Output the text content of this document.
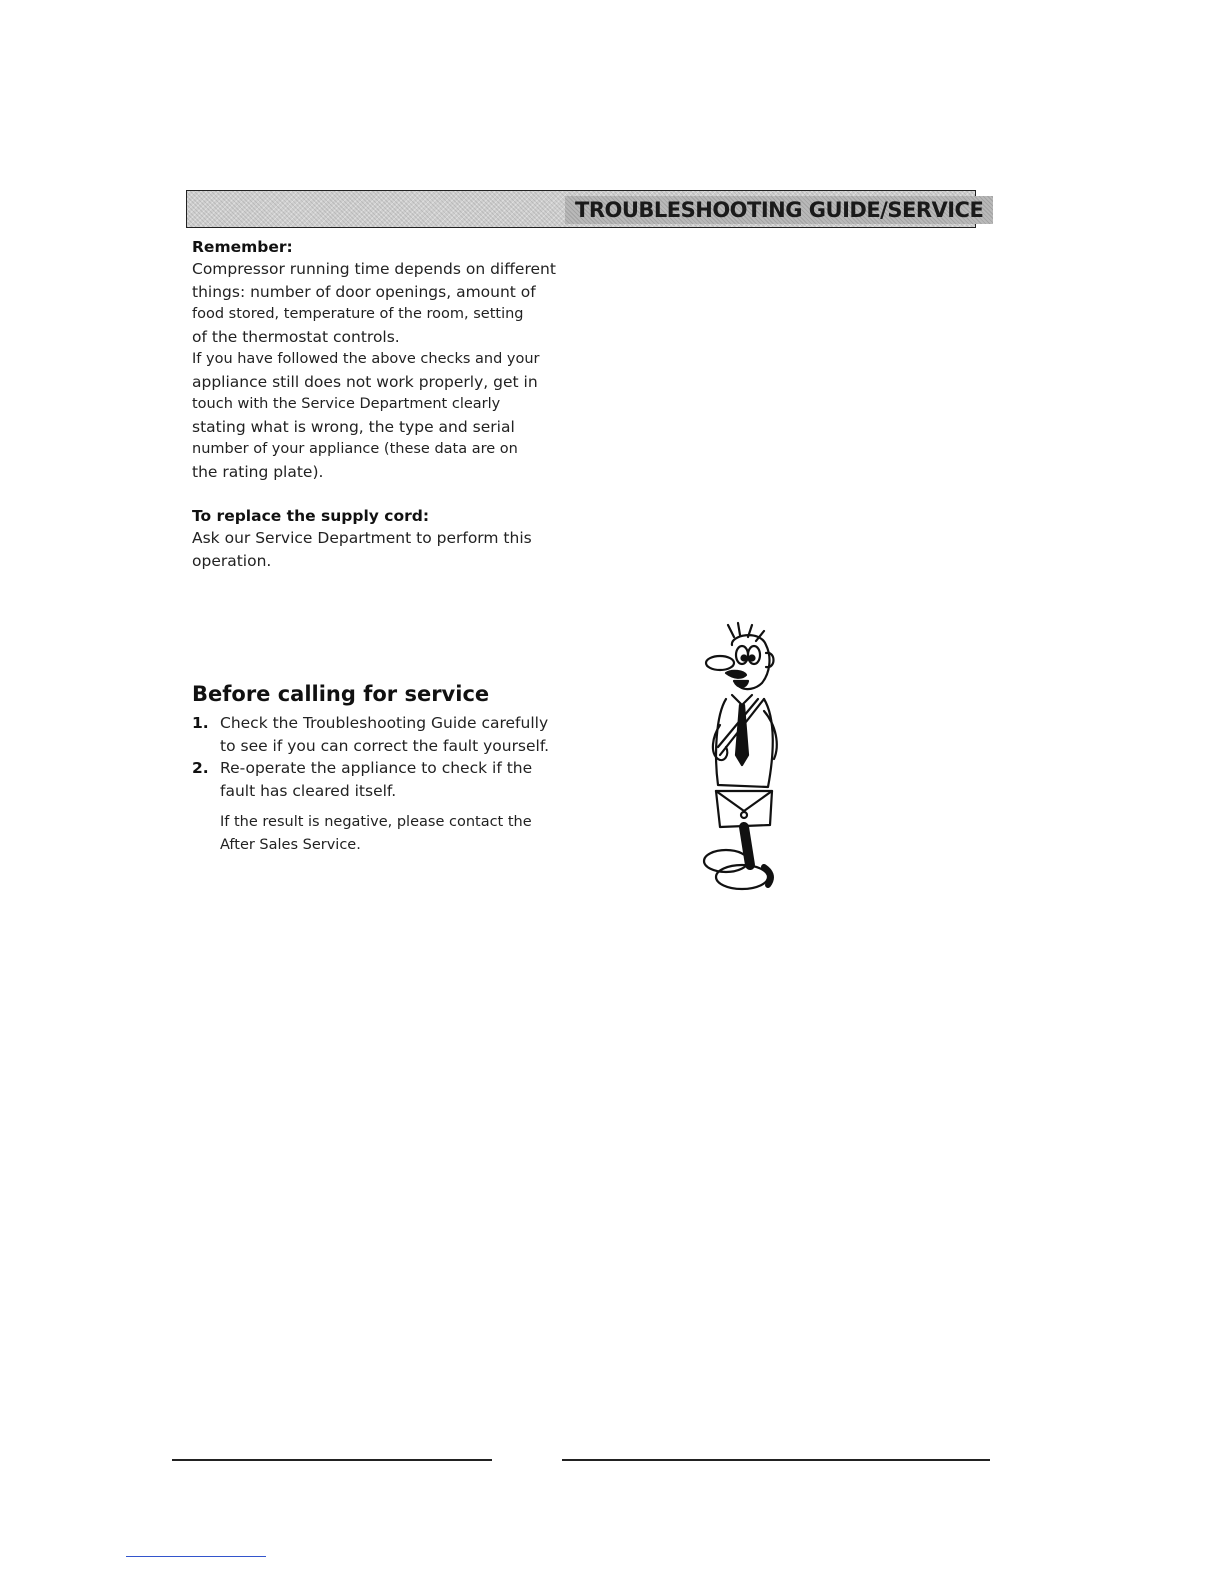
TROUBLESHOOTING GUIDE/SERVICE

Remember:

Compressor running time depends on different

things: number of door openings, amount of

food stored, temperature of the room, setting

of the thermostat controls.

If you have followed the above checks and your

appliance still does not work properly, get in

touch with the Service Department clearly

stating what is wrong, the type and serial

number of your appliance (these data are on

the rating plate).

To replace the supply cord:

Ask our Service Department to perform this

operation.

Before calling for service
1. Check the Troubleshooting Guide carefully
to see if you can correct the fault yourself.
2. Re-operate the appliance to check if the
fault has cleared itself.
If the result is negative, please contact the
After Sales Service.
